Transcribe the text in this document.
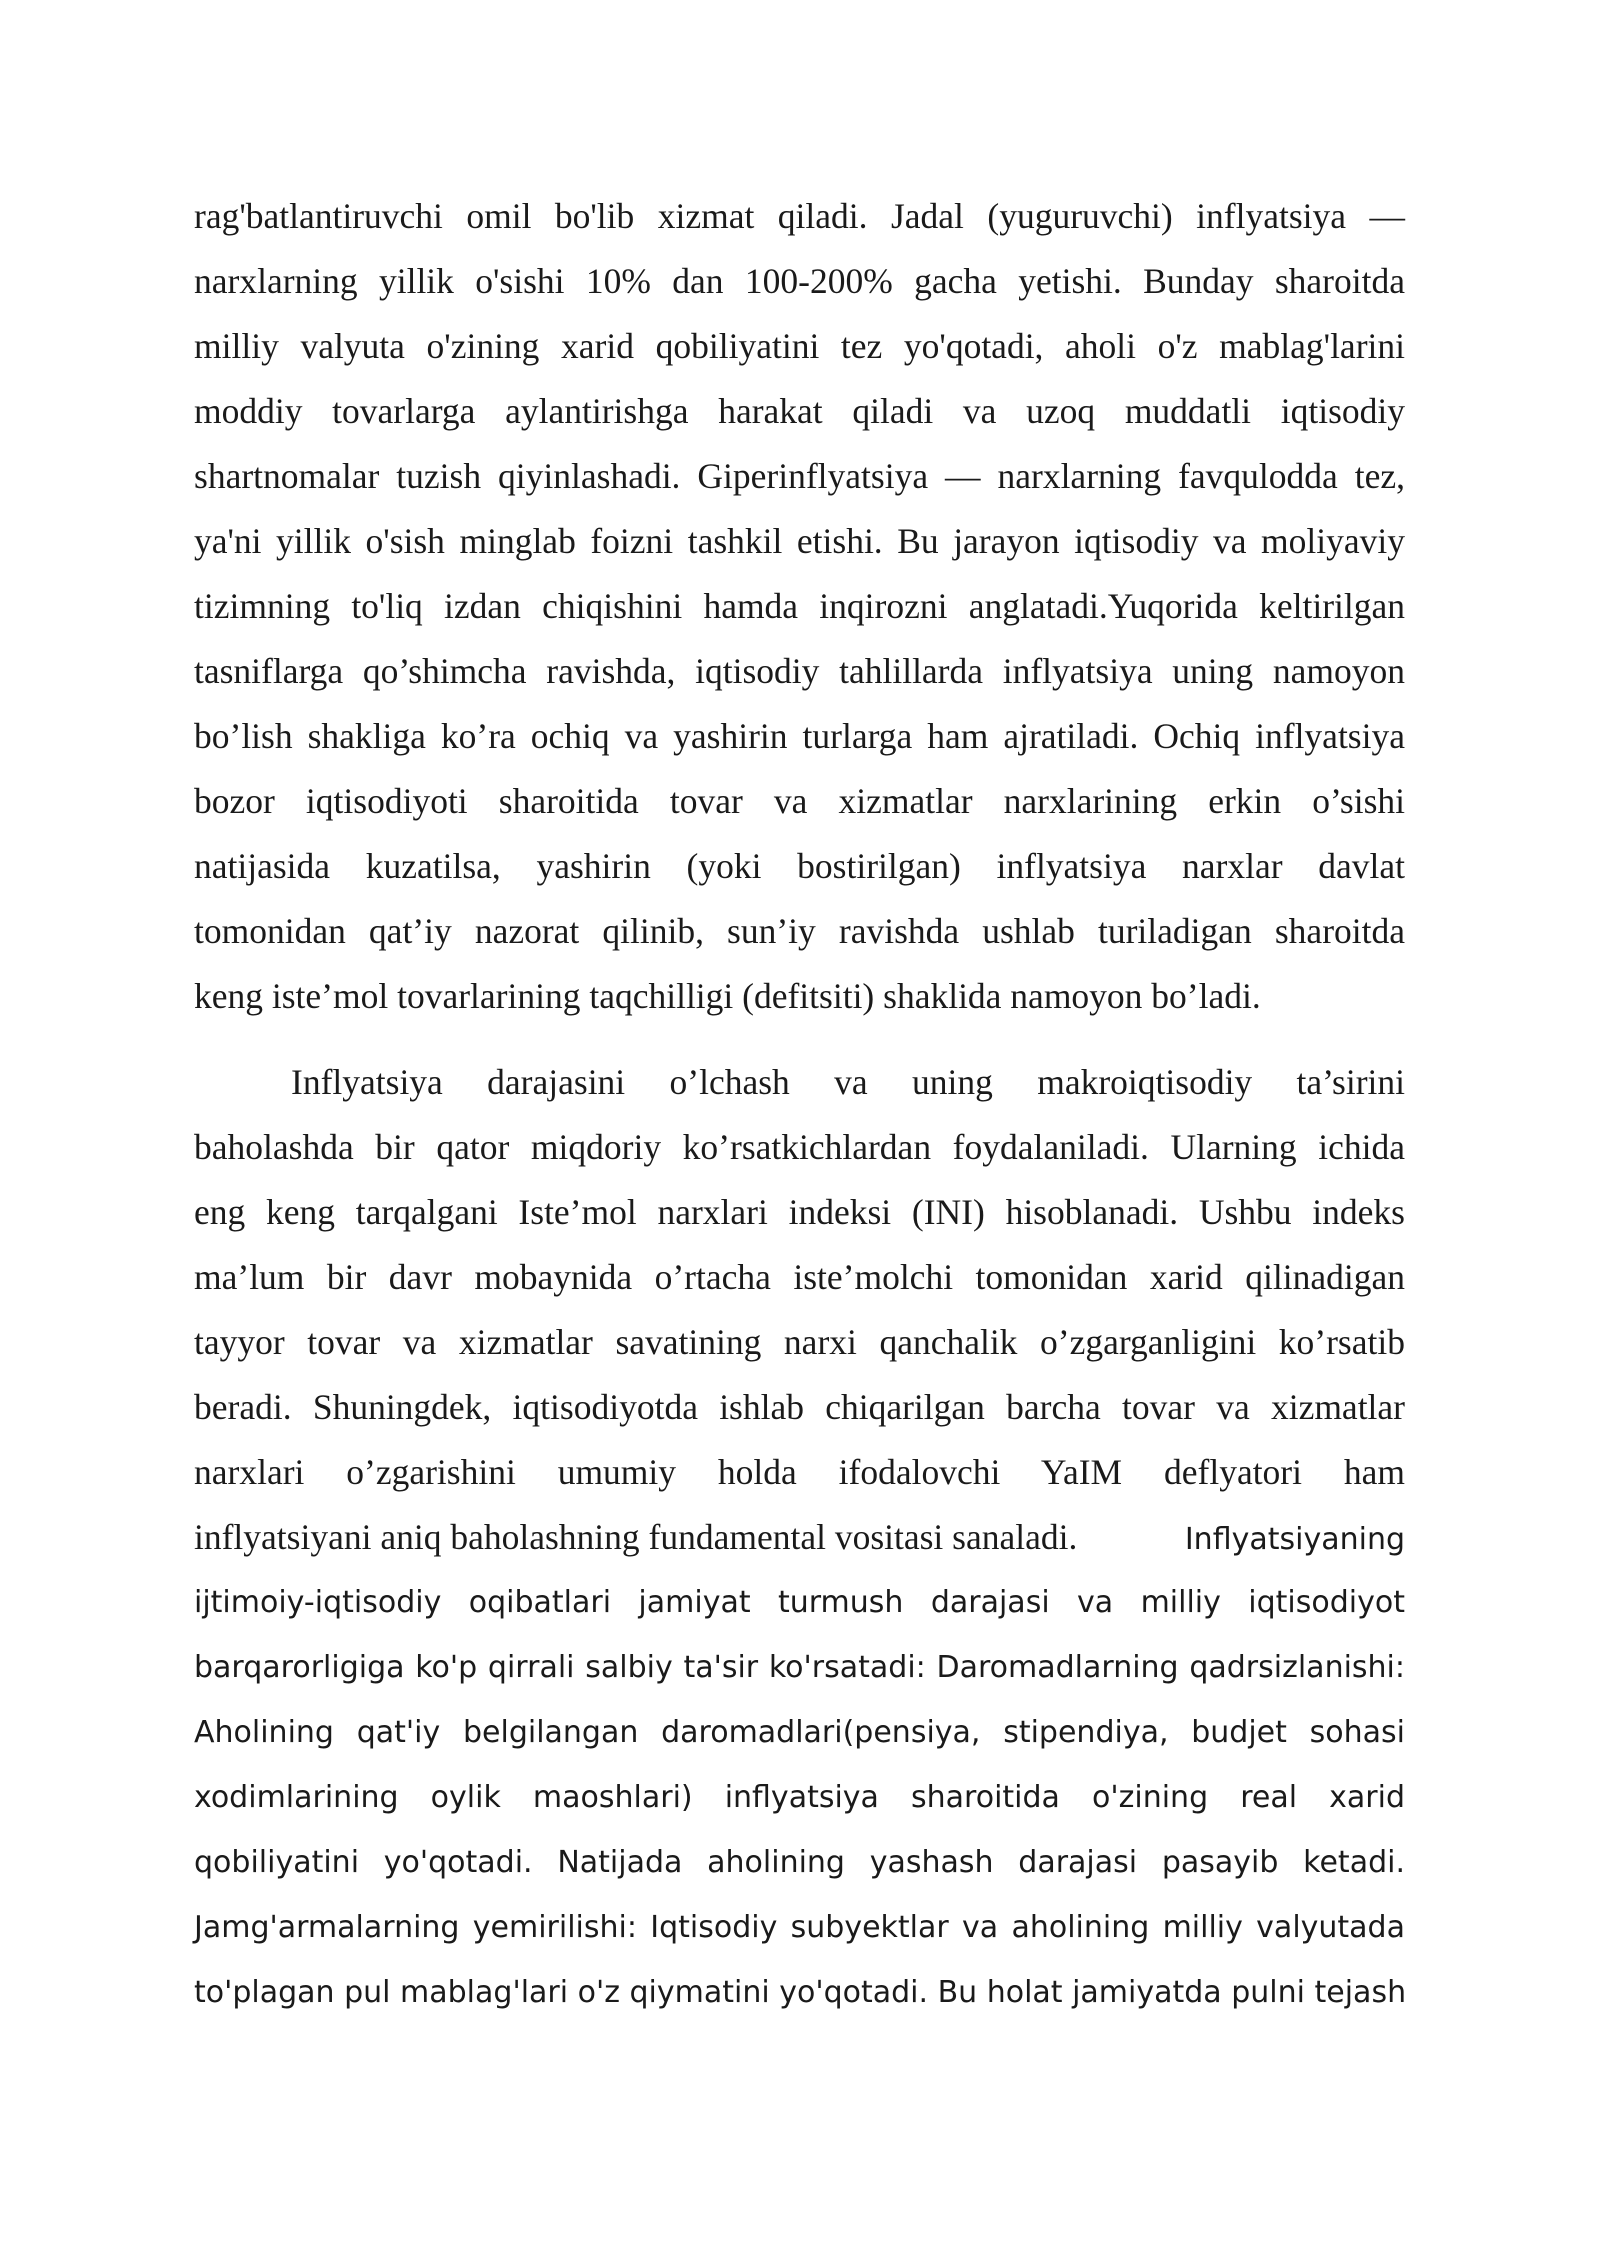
rag'batlantiruvchi omil bo'lib xizmat qiladi. Jadal (yuguruvchi) inflyatsiya —
narxlarning yillik o'sishi 10% dan 100-200% gacha yetishi. Bunday sharoitda
milliy valyuta o'zining xarid qobiliyatini tez yo'qotadi, aholi o'z mablag'larini
moddiy tovarlarga aylantirishga harakat qiladi va uzoq muddatli iqtisodiy
shartnomalar tuzish qiyinlashadi. Giperinflyatsiya — narxlarning favqulodda tez,
ya'ni yillik o'sish minglab foizni tashkil etishi. Bu jarayon iqtisodiy va moliyaviy
tizimning to'liq izdan chiqishini hamda inqirozni anglatadi.Yuqorida keltirilgan
tasniflarga qo’shimcha ravishda, iqtisodiy tahlillarda inflyatsiya uning namoyon
bo’lish shakliga ko’ra ochiq va yashirin turlarga ham ajratiladi. Ochiq inflyatsiya
bozor iqtisodiyoti sharoitida tovar va xizmatlar narxlarining erkin o’sishi
natijasida kuzatilsa, yashirin (yoki bostirilgan) inflyatsiya narxlar davlat
tomonidan qat’iy nazorat qilinib, sun’iy ravishda ushlab turiladigan sharoitda
keng iste’mol tovarlarining taqchilligi (defitsiti) shaklida namoyon bo’ladi.
Inflyatsiya darajasini o’lchash va uning makroiqtisodiy ta’sirini
baholashda bir qator miqdoriy ko’rsatkichlardan foydalaniladi. Ularning ichida
eng keng tarqalgani Iste’mol narxlari indeksi (INI) hisoblanadi. Ushbu indeks
ma’lum bir davr mobaynida o’rtacha iste’molchi tomonidan xarid qilinadigan
tayyor tovar va xizmatlar savatining narxi qanchalik o’zgarganligini ko’rsatib
beradi. Shuningdek, iqtisodiyotda ishlab chiqarilgan barcha tovar va xizmatlar
narxlari o’zgarishini umumiy holda ifodalovchi YaIM deflyatori ham
inflyatsiyani aniq baholashning fundamental vositasi sanaladi.	Inflyatsiyaning
ijtimoiy-iqtisodiy oqibatlari jamiyat turmush darajasi va milliy iqtisodiyot
barqarorligiga ko'p qirrali salbiy ta'sir ko'rsatadi: Daromadlarning qadrsizlanishi:
Aholining qat'iy belgilangan daromadlari(pensiya, stipendiya, budjet sohasi
xodimlarining oylik maoshlari) inflyatsiya sharoitida o'zining real xarid
qobiliyatini yo'qotadi. Natijada aholining yashash darajasi pasayib ketadi.
Jamg'armalarning yemirilishi: Iqtisodiy subyektlar va aholining milliy valyutada
to'plagan pul mablag'lari o'z qiymatini yo'qotadi. Bu holat jamiyatda pulni tejash
